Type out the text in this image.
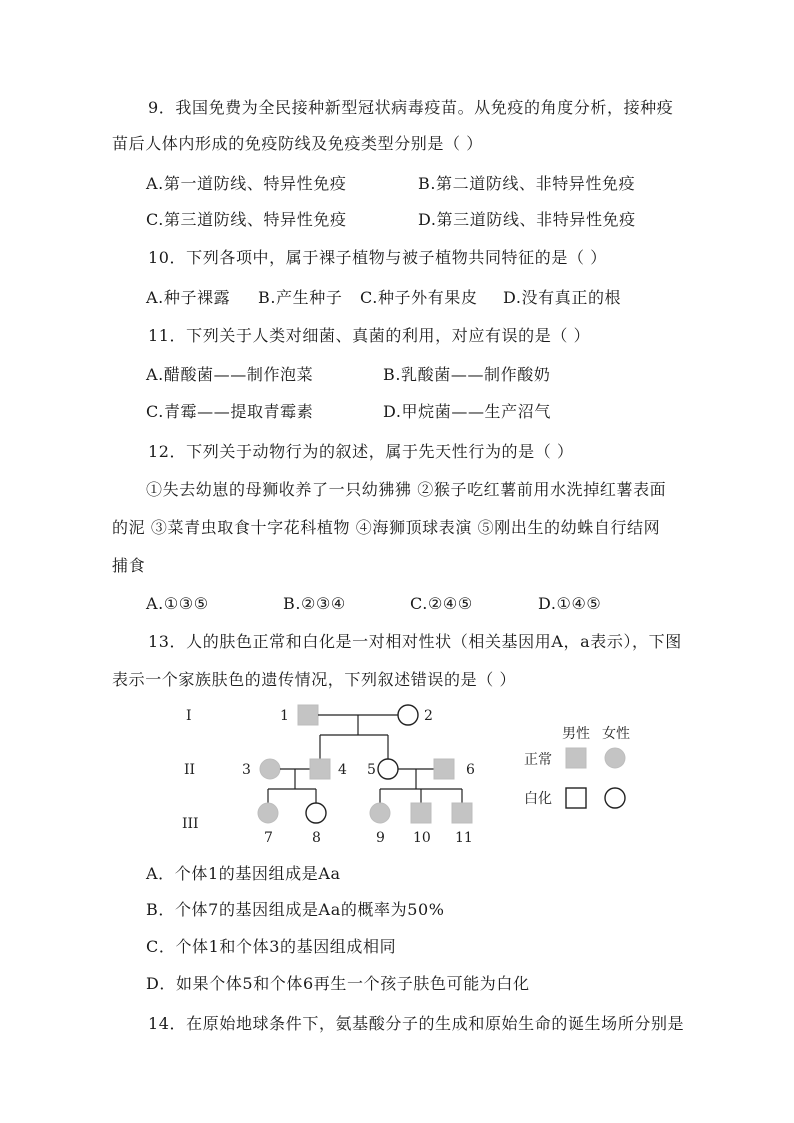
9．我国免费为全民接种新型冠状病毒疫苗。从免疫的角度分析，接种疫
苗后人体内形成的免疫防线及免疫类型分别是（ ）
A.第一道防线、特异性免疫	B.第二道防线、非特异性免疫
C.第三道防线、特异性免疫	D.第三道防线、非特异性免疫
10．下列各项中，属于裸子植物与被子植物共同特征的是（ ）
A.种子裸露 B.产生种子 C.种子外有果皮 D.没有真正的根
11．下列关于人类对细菌、真菌的利用，对应有误的是（ ）
A.醋酸菌——制作泡菜	B.乳酸菌——制作酸奶
C.青霉——提取青霉素	D.甲烷菌——生产沼气
12．下列关于动物行为的叙述，属于先天性行为的是（ ）
①失去幼崽的母狮收养了一只幼狒狒 ②猴子吃红薯前用水洗掉红薯表面
的泥 ③菜青虫取食十字花科植物 ④海狮顶球表演 ⑤刚出生的幼蛛自行结网
捕食
A.①③⑤	B.②③④	C.②④⑤	D.①④⑤
13．人的肤色正常和白化是一对相对性状（相关基因用A，a表示），下图
表示一个家族肤色的遗传情况，下列叙述错误的是（ ）
I
II
III
1	2
3	4 5	6
7	8	9 10 11
男性 女性
正常
白化
A．个体1的基因组成是Aa
B．个体7的基因组成是Aa的概率为50%
C．个体1和个体3的基因组成相同
D．如果个体5和个体6再生一个孩子肤色可能为白化
14．在原始地球条件下，氨基酸分子的生成和原始生命的诞生场所分别是
